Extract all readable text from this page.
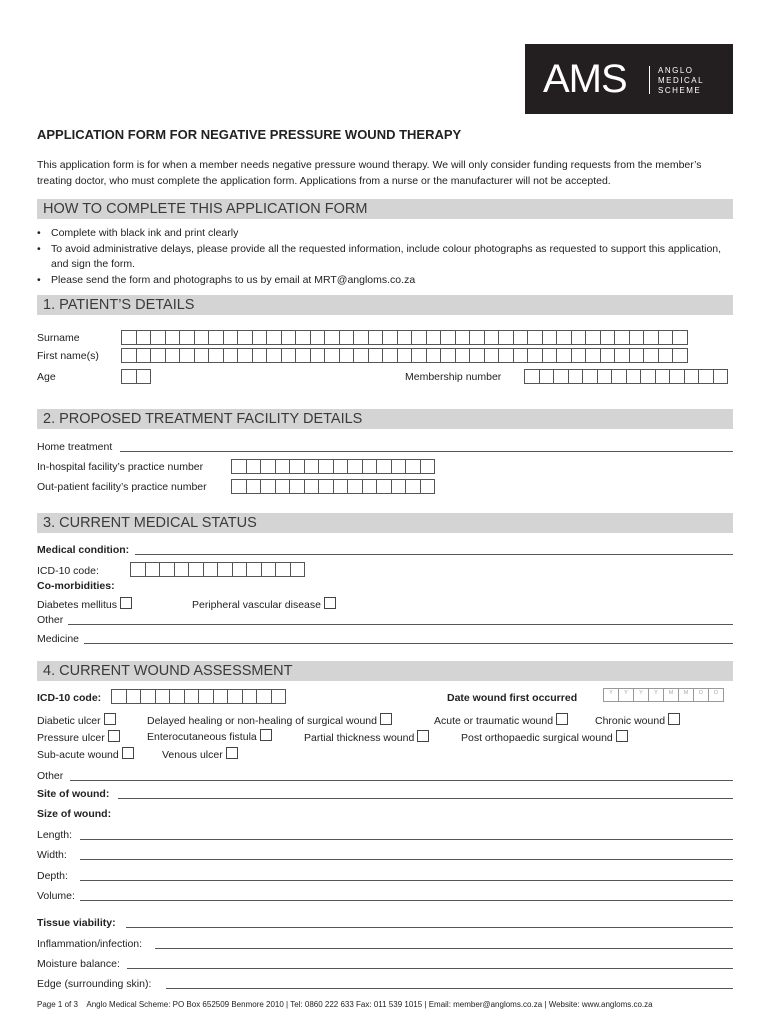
AMS	ANGLO
MEDICAL
SCHEME
APPLICATION FORM FOR NEGATIVE PRESSURE WOUND THERAPY
This application form is for when a member needs negative pressure wound therapy. We will only consider funding requests from the member’s treating doctor, who must complete the application form. Applications from a nurse or the manufacturer will not be accepted.
HOW TO COMPLETE THIS APPLICATION FORM
• Complete with black ink and print clearly
• To avoid administrative delays, please provide all the requested information, include colour photographs as requested to support this application, and sign the form.
• Please send the form and photographs to us by email at MRT@angloms.co.za
1. PATIENT’S DETAILS
Surname
First name(s)
Age	Membership number
2. PROPOSED TREATMENT FACILITY DETAILS
Home treatment
In-hospital facility’s practice number
Out-patient facility’s practice number
3. CURRENT MEDICAL STATUS
Medical condition:
ICD-10 code:
Co-morbidities:
Diabetes mellitus	Peripheral vascular disease
Other
Medicine
4. CURRENT WOUND ASSESSMENT
ICD-10 code:	Date wound first occurred	Y	Y	Y	Y	M	M	D	D
Diabetic ulcer	Delayed healing or non-healing of surgical wound	Acute or traumatic wound	Chronic wound
Pressure ulcer	Enterocutaneous fistula	Partial thickness wound	Post orthopaedic surgical wound
Sub-acute wound	Venous ulcer
Other
Site of wound:
Size of wound:
Length:
Width:
Depth:
Volume:
Tissue viability:
Inflammation/infection:
Moisture balance:
Edge (surrounding skin):
Page 1 of 3 Anglo Medical Scheme: PO Box 652509 Benmore 2010 | Tel: 0860 222 633 Fax: 011 539 1015 | Email: member@angloms.co.za | Website: www.angloms.co.za
